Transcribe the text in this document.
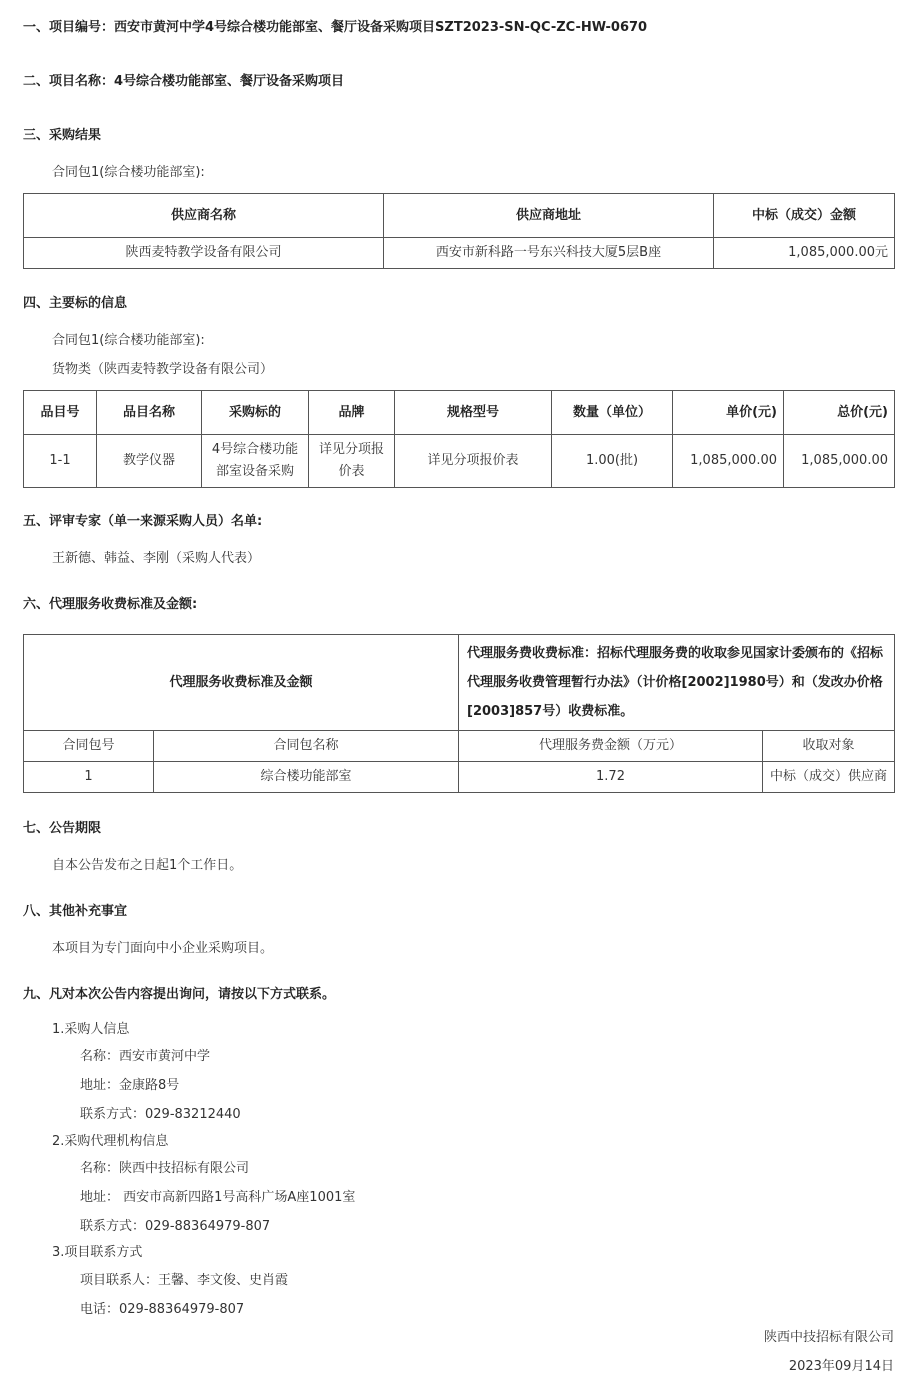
一、项目编号：西安市黄河中学4号综合楼功能部室、餐厅设备采购项目SZT2023-SN-QC-ZC-HW-0670
二、项目名称：4号综合楼功能部室、餐厅设备采购项目
三、采购结果
合同包1(综合楼功能部室):
供应商名称	供应商地址	中标（成交）金额
陕西麦特教学设备有限公司	西安市新科路一号东兴科技大厦5层B座	1,085,000.00元
四、主要标的信息
合同包1(综合楼功能部室):
货物类（陕西麦特教学设备有限公司）
品目号	品目名称	采购标的	品牌	规格型号	数量（单位）	单价(元)	总价(元)
1-1	教学仪器	4号综合楼功能部室设备采购	详见分项报价表	详见分项报价表	1.00(批)	1,085,000.00	1,085,000.00
五、评审专家（单一来源采购人员）名单:
王新德、韩益、李刚（采购人代表）
六、代理服务收费标准及金额:
代理服务收费标准及金额		代理服务费收费标准：招标代理服务费的收取参见国家计委颁布的《招标代理服务收费管理暂行办法》（计价格[2002]1980号）和（发改办价格[2003]857号）收费标准。	
合同包号	合同包名称	代理服务费金额（万元）	收取对象
1	综合楼功能部室	1.72	中标（成交）供应商
七、公告期限
自本公告发布之日起1个工作日。
八、其他补充事宜
本项目为专门面向中小企业采购项目。
九、凡对本次公告内容提出询问，请按以下方式联系。
1.采购人信息
名称：西安市黄河中学
地址：金康路8号
联系方式：029-83212440
2.采购代理机构信息
名称：陕西中技招标有限公司
地址： 西安市高新四路1号高科广场A座1001室
联系方式：029-88364979-807
3.项目联系方式
项目联系人：王馨、李文俊、史肖霞
电话：029-88364979-807
陕西中技招标有限公司
2023年09月14日
